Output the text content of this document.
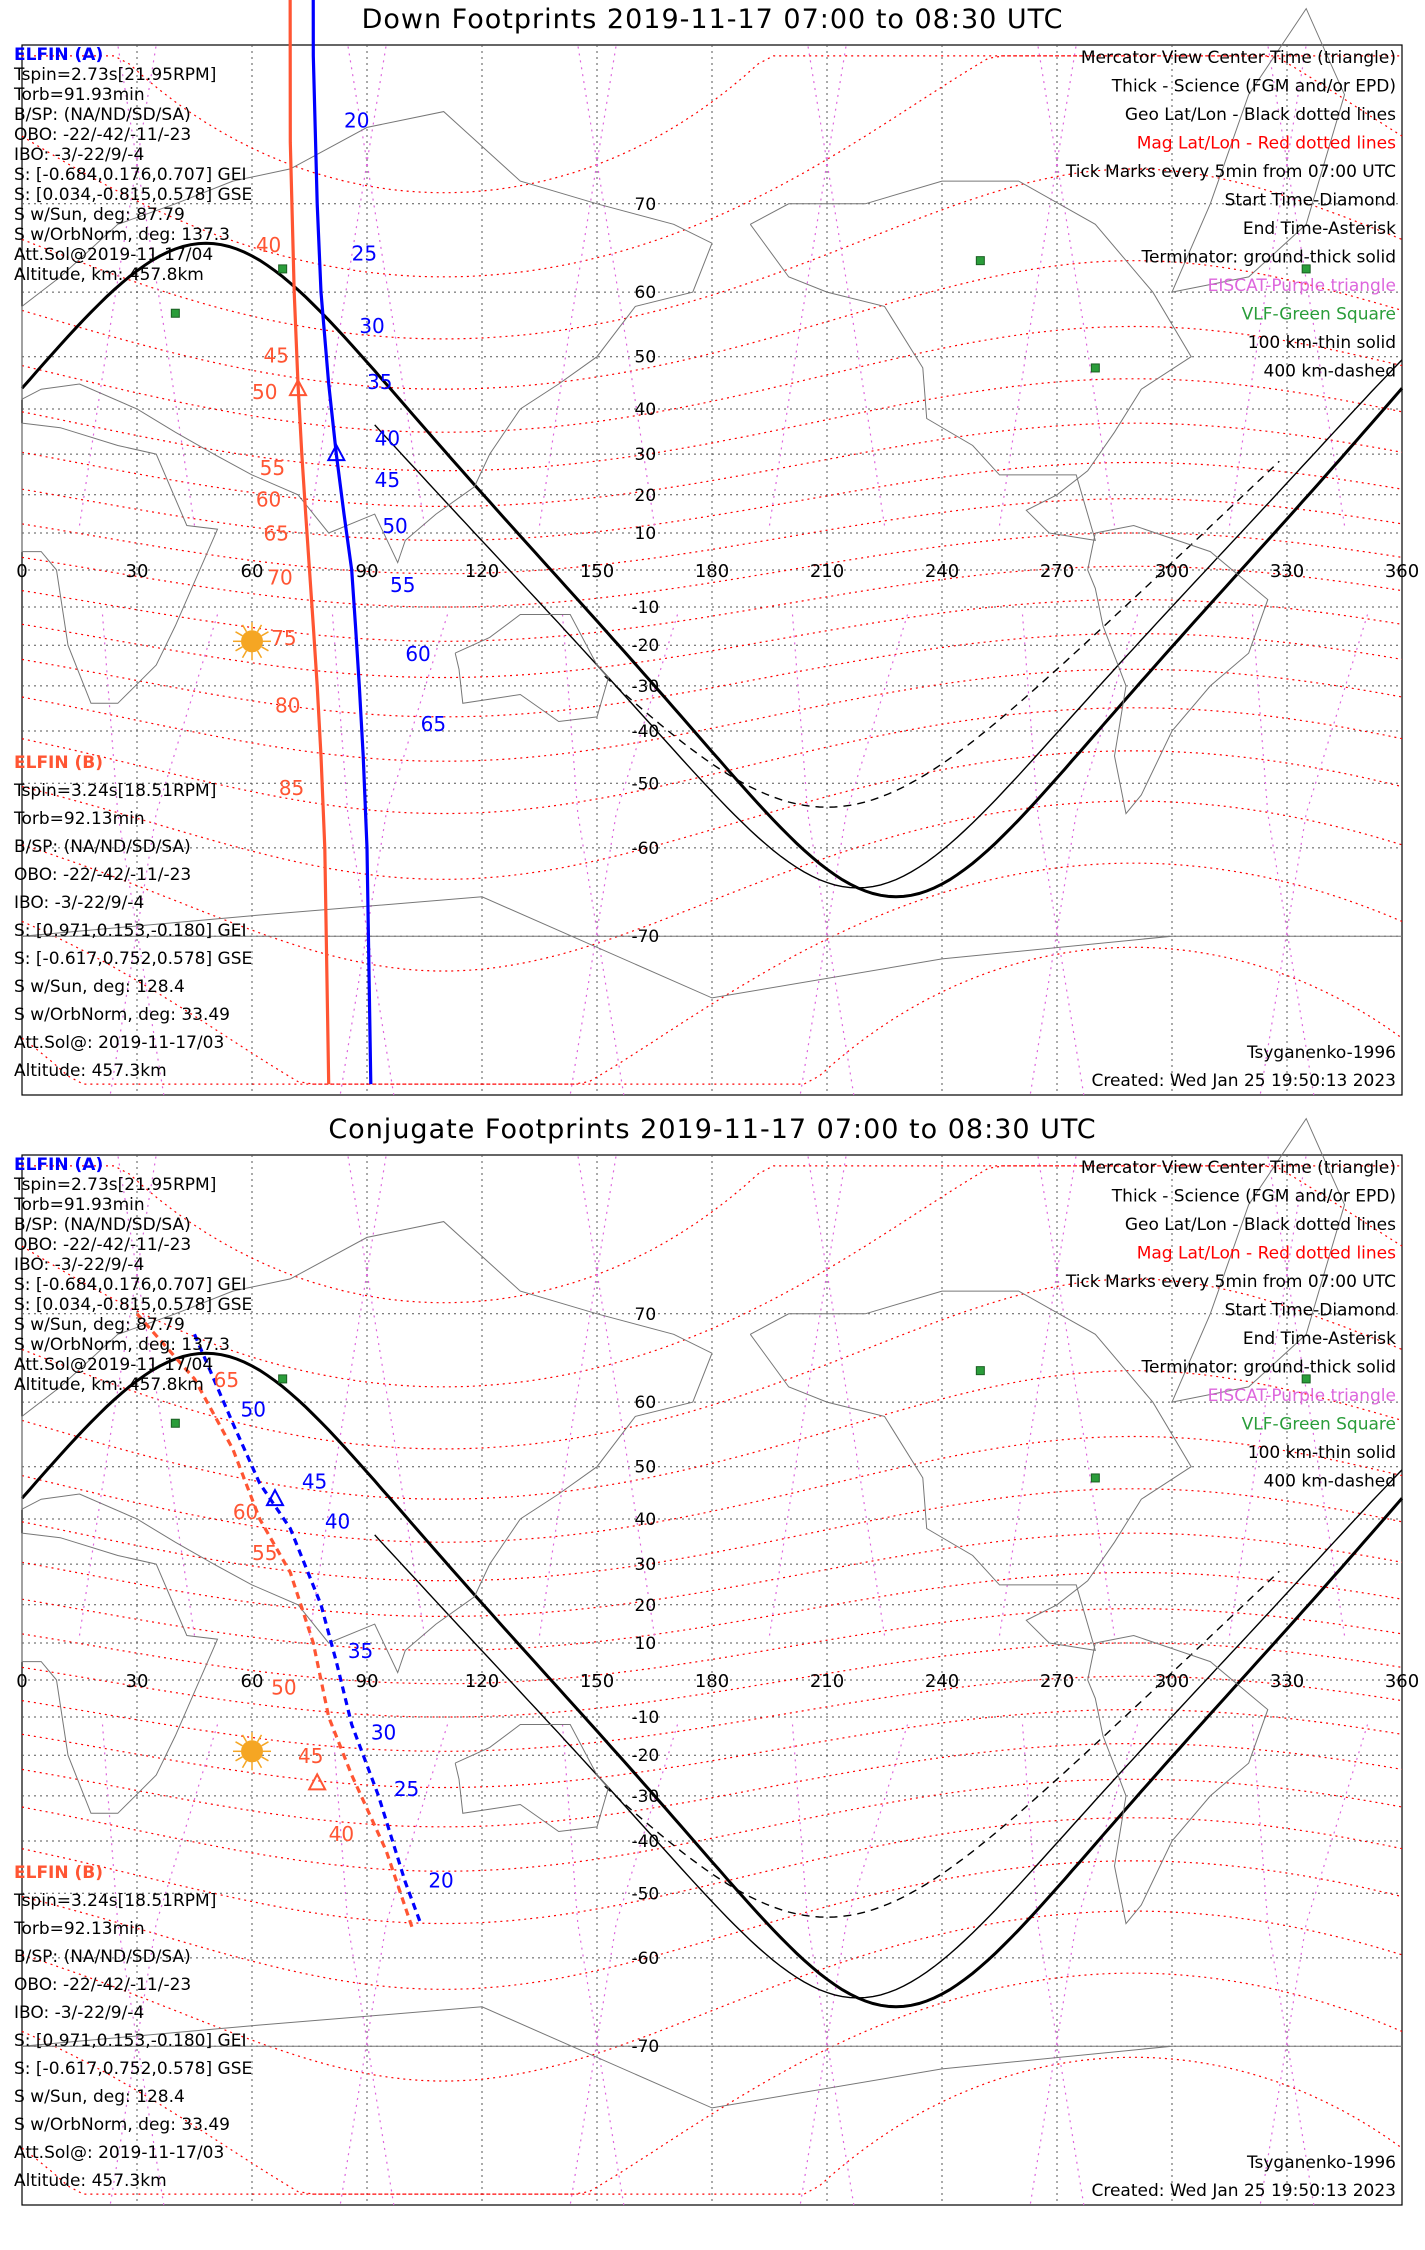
Down Footprints 2019-11-17 07:00 to 08:30 UTC
0	30	60	90	120	150	180	210	240	270	300	330	360
70
60
50
40
30
20
10
-10
-20
-30
-40
-50
-60
-70
20
25
30
35
40
45
50
55
60
65
40
45
50
55
60
65
70
75
80
85
ELFIN (A)
Tspin=2.73s[21.95RPM]
Torb=91.93min
B/SP: (NA/ND/SD/SA)
OBO: -22/-42/-11/-23
IBO: -3/-22/9/-4
S: [-0.684,0.176,0.707] GEI
S: [0.034,-0.815,0.578] GSE
S w/Sun, deg: 87.79
S w/OrbNorm, deg: 137.3
Att.Sol@2019-11-17/04
Altitude, km: 457.8km
ELFIN (B)
Tspin=3.24s[18.51RPM]
Torb=92.13min
B/SP: (NA/ND/SD/SA)
OBO: -22/-42/-11/-23
IBO: -3/-22/9/-4
S: [0.971,0.153,-0.180] GEI
S: [-0.617,0.752,0.578] GSE
S w/Sun, deg: 128.4
S w/OrbNorm, deg: 33.49
Att.Sol@: 2019-11-17/03
Altitude: 457.3km
Mercator View Center Time (triangle)
Thick - Science (FGM and/or EPD)
Geo Lat/Lon - Black dotted lines
Mag Lat/Lon - Red dotted lines
Tick Marks every 5min from 07:00 UTC
Start Time-Diamond
End Time-Asterisk
Terminator: ground-thick solid
EISCAT-Purple triangle
VLF-Green Square
100 km-thin solid
400 km-dashed
Tsyganenko-1996
Created: Wed Jan 25 19:50:13 2023
Conjugate Footprints 2019-11-17 07:00 to 08:30 UTC
0	30	60	90	120	150	180	210	240	270	300	330	360
70
60
50
40
30
20
10
-10
-20
-30
-40
-50
-60
-70
50
45
40
35
30
25
20
65
60
55
50
45
40
ELFIN (A)
Tspin=2.73s[21.95RPM]
Torb=91.93min
B/SP: (NA/ND/SD/SA)
OBO: -22/-42/-11/-23
IBO: -3/-22/9/-4
S: [-0.684,0.176,0.707] GEI
S: [0.034,-0.815,0.578] GSE
S w/Sun, deg: 87.79
S w/OrbNorm, deg: 137.3
Att.Sol@2019-11-17/04
Altitude, km: 457.8km
ELFIN (B)
Tspin=3.24s[18.51RPM]
Torb=92.13min
B/SP: (NA/ND/SD/SA)
OBO: -22/-42/-11/-23
IBO: -3/-22/9/-4
S: [0.971,0.153,-0.180] GEI
S: [-0.617,0.752,0.578] GSE
S w/Sun, deg: 128.4
S w/OrbNorm, deg: 33.49
Att.Sol@: 2019-11-17/03
Altitude: 457.3km
Mercator View Center Time (triangle)
Thick - Science (FGM and/or EPD)
Geo Lat/Lon - Black dotted lines
Mag Lat/Lon - Red dotted lines
Tick Marks every 5min from 07:00 UTC
Start Time-Diamond
End Time-Asterisk
Terminator: ground-thick solid
EISCAT-Purple triangle
VLF-Green Square
100 km-thin solid
400 km-dashed
Tsyganenko-1996
Created: Wed Jan 25 19:50:13 2023
